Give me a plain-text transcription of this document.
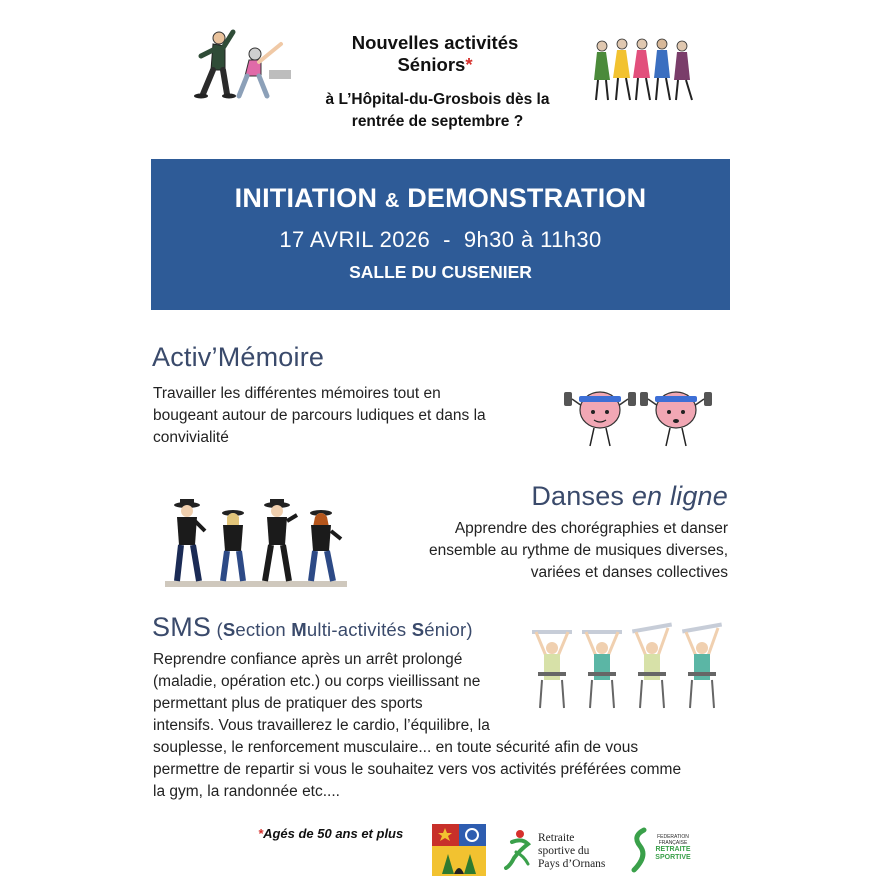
Nouvelles activités
Séniors*
à L’Hôpital-du-Grosbois dès la
rentrée de septembre ?
INITIATION & DEMONSTRATION
17 AVRIL 2026  -  9h30 à 11h30
SALLE DU CUSENIER
Activ’Mémoire
Travailler les différentes mémoires tout en
bougeant autour de parcours ludiques et dans la
convivialité
Danses en ligne
Apprendre des chorégraphies et danser
ensemble au rythme de musiques diverses,
variées et danses collectives
SMS (Section Multi-activités Sénior)
Reprendre confiance après un arrêt prolongé
(maladie, opération etc.) ou corps vieillissant ne
permettant plus de pratiquer des sports
intensifs. Vous travaillerez le cardio, l’équilibre, la
souplesse, le renforcement musculaire... en toute sécurité afin de vous
permettre de repartir si vous le souhaitez vers vos activités préférées comme
la gym, la randonnée etc....
*Agés de 50 ans et plus	Retraite
sportive du
Pays d’Ornans
FEDERATION
FRANÇAISE
RETRAITE
SPORTIVE
